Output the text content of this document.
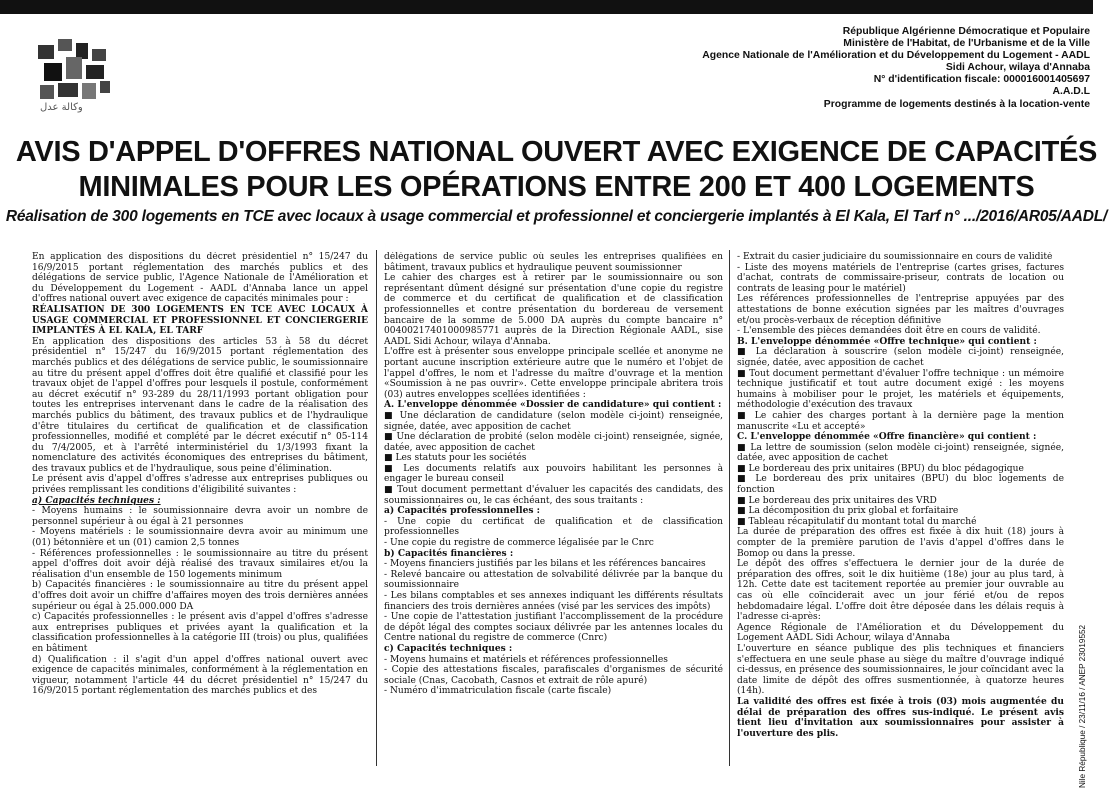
وكالة عدل
République Algérienne Démocratique et Populaire
Ministère de l'Habitat, de l'Urbanisme et de la Ville
Agence Nationale de l'Amélioration et du Développement du Logement - AADL
Sidi Achour, wilaya d'Annaba
N° d'identification fiscale: 000016001405697
A.A.D.L
Programme de logements destinés à la location-vente
AVIS D'APPEL D'OFFRES NATIONAL OUVERT AVEC EXIGENCE DE CAPACITÉS
MINIMALES POUR LES OPÉRATIONS ENTRE 200 ET 400 LOGEMENTS
Réalisation de 300 logements en TCE avec locaux à usage commercial et professionnel et conciergerie implantés à El Kala, El Tarf n° .../2016/AR05/AADL/

En application des dispositions du décret présidentiel n° 15/247 du 16/9/2015 portant réglementation des marchés publics et des délégations de service public, l'Agence Nationale de l'Amélioration et du Développement du Logement - AADL d'Annaba lance un appel d'offres national ouvert avec exigence de capacités minimales pour :

RÉALISATION DE 300 LOGEMENTS EN TCE AVEC LOCAUX À USAGE COMMERCIAL ET PROFESSIONNEL ET CONCIERGERIE IMPLANTÉS À EL KALA, EL TARF

En application des dispositions des articles 53 à 58 du décret présidentiel n° 15/247 du 16/9/2015 portant réglementation des marchés publics et des délégations de service public, le soumissionnaire au titre du présent appel d'offres doit être qualifié et classifié pour les travaux objet de l'appel d'offres pour lesquels il postule, conformément au décret exécutif n° 93-289 du 28/11/1993 portant obligation pour toutes les entreprises intervenant dans le cadre de la réalisation des marchés publics du bâtiment, des travaux publics et de l'hydraulique d'être titulaires du certificat de qualification et de classification professionnelles, modifié et complété par le décret exécutif n° 05-114 du 7/4/2005, et à l'arrêté interministériel du 1/3/1993 fixant la nomenclature des activités économiques des entreprises du bâtiment, des travaux publics et de l'hydraulique, sous peine d'élimination.

Le présent avis d'appel d'offres s'adresse aux entreprises publiques ou privées remplissant les conditions d'éligibilité suivantes :

a) Capacités techniques :

- Moyens humains : le soumissionnaire devra avoir un nombre de personnel supérieur à ou égal à 21 personnes

- Moyens matériels : le soumissionnaire devra avoir au minimum une (01) bétonnière et un (01) camion 2,5 tonnes

- Références professionnelles : le soumissionnaire au titre du présent appel d'offres doit avoir déjà réalisé des travaux similaires et/ou la réalisation d'un ensemble de 150 logements minimum

b) Capacités financières : le soumissionnaire au titre du présent appel d'offres doit avoir un chiffre d'affaires moyen des trois dernières années supérieur ou égal à 25.000.000 DA

c) Capacités professionnelles : le présent avis d'appel d'offres s'adresse aux entreprises publiques et privées ayant la qualification et la classification professionnelles à la catégorie III (trois) ou plus, qualifiées en bâtiment

d) Qualification : il s'agit d'un appel d'offres national ouvert avec exigence de capacités minimales, conformément à la réglementation en vigueur, notamment l'article 44 du décret présidentiel n° 15/247 du 16/9/2015 portant réglementation des marchés publics et des

délégations de service public où seules les entreprises qualifiées en bâtiment, travaux publics et hydraulique peuvent soumissionner

Le cahier des charges est à retirer par le soumissionnaire ou son représentant dûment désigné sur présentation d'une copie du registre de commerce et du certificat de qualification et de classification professionnelles et contre présentation du bordereau de versement bancaire de la somme de 5.000 DA auprès du compte bancaire n° 00400217401000985771 auprès de la Direction Régionale AADL, sise AADL Sidi Achour, wilaya d'Annaba.

L'offre est à présenter sous enveloppe principale scellée et anonyme ne portant aucune inscription extérieure autre que le numéro et l'objet de l'appel d'offres, le nom et l'adresse du maître d'ouvrage et la mention «Soumission à ne pas ouvrir». Cette enveloppe principale abritera trois (03) autres enveloppes scellées identifiées :

A. L'enveloppe dénommée «Dossier de candidature» qui contient :

■ Une déclaration de candidature (selon modèle ci-joint) renseignée, signée, datée, avec apposition de cachet

■ Une déclaration de probité (selon modèle ci-joint) renseignée, signée, datée, avec apposition de cachet

■ Les statuts pour les sociétés

■ Les documents relatifs aux pouvoirs habilitant les personnes à engager le bureau conseil

■ Tout document permettant d'évaluer les capacités des candidats, des soumissionnaires ou, le cas échéant, des sous traitants :

a) Capacités professionnelles :

- Une copie du certificat de qualification et de classification professionnelles

- Une copie du registre de commerce légalisée par le Cnrc

b) Capacités financières :

- Moyens financiers justifiés par les bilans et les références bancaires

- Relevé bancaire ou attestation de solvabilité délivrée par la banque du soumissionnaire

- Les bilans comptables et ses annexes indiquant les différents résultats financiers des trois dernières années (visé par les services des impôts)

- Une copie de l'attestation justifiant l'accomplissement de la procédure de dépôt légal des comptes sociaux délivrée par les antennes locales du Centre national du registre de commerce (Cnrc)

c) Capacités techniques :

- Moyens humains et matériels et références professionnelles

- Copie des attestations fiscales, parafiscales d'organismes de sécurité sociale (Cnas, Cacobath, Casnos et extrait de rôle apuré)

- Numéro d'immatriculation fiscale (carte fiscale)

- Extrait du casier judiciaire du soumissionnaire en cours de validité

- Liste des moyens matériels de l'entreprise (cartes grises, factures d'achat, contrats de commissaire-priseur, contrats de location ou contrats de leasing pour le matériel)

Les références professionnelles de l'entreprise appuyées par des attestations de bonne exécution signées par les maîtres d'ouvrages et/ou procès-verbaux de réception définitive

- L'ensemble des pièces demandées doit être en cours de validité.

B. L'enveloppe dénommée «Offre technique» qui contient :

■ La déclaration à souscrire (selon modèle ci-joint) renseignée, signée, datée, avec apposition de cachet

■ Tout document permettant d'évaluer l'offre technique : un mémoire technique justificatif et tout autre document exigé : les moyens humains à mobiliser pour le projet, les matériels et équipements, méthodologie d'exécution des travaux

■ Le cahier des charges portant à la dernière page la mention manuscrite «Lu et accepté»

C. L'enveloppe dénommée «Offre financière» qui contient :

■ La lettre de soumission (selon modèle ci-joint) renseignée, signée, datée, avec apposition de cachet

■ Le bordereau des prix unitaires (BPU) du bloc pédagogique

■ Le bordereau des prix unitaires (BPU) du bloc logements de fonction

■ Le bordereau des prix unitaires des VRD

■ La décomposition du prix global et forfaitaire

■ Tableau récapitulatif du montant total du marché

La durée de préparation des offres est fixée à dix huit (18) jours à compter de la première parution de l'avis d'appel d'offres dans le Bomop ou dans la presse.

Le dépôt des offres s'effectuera le dernier jour de la durée de préparation des offres, soit le dix huitième (18e) jour au plus tard, à 12h. Cette date est tacitement reportée au premier jour ouvrable au cas où elle coïnciderait avec un jour férié et/ou de repos hebdomadaire légal. L'offre doit être déposée dans les délais requis à l'adresse ci-après:

Agence Régionale de l'Amélioration et du Développement du Logement AADL Sidi Achour, wilaya d'Annaba

L'ouverture en séance publique des plis techniques et financiers s'effectuera en une seule phase au siège du maître d'ouvrage indiqué ci-dessus, en présence des soumissionnaires, le jour coïncidant avec la date limite de dépôt des offres susmentionnée, à quatorze heures (14h).

La validité des offres est fixée à trois (03) mois augmentée du délai de préparation des offres sus-indiqué. Le présent avis tient lieu d'invitation aux soumissionnaires pour assister à l'ouverture des plis.	Nile République / 23/11/16 / ANEP 23019552
